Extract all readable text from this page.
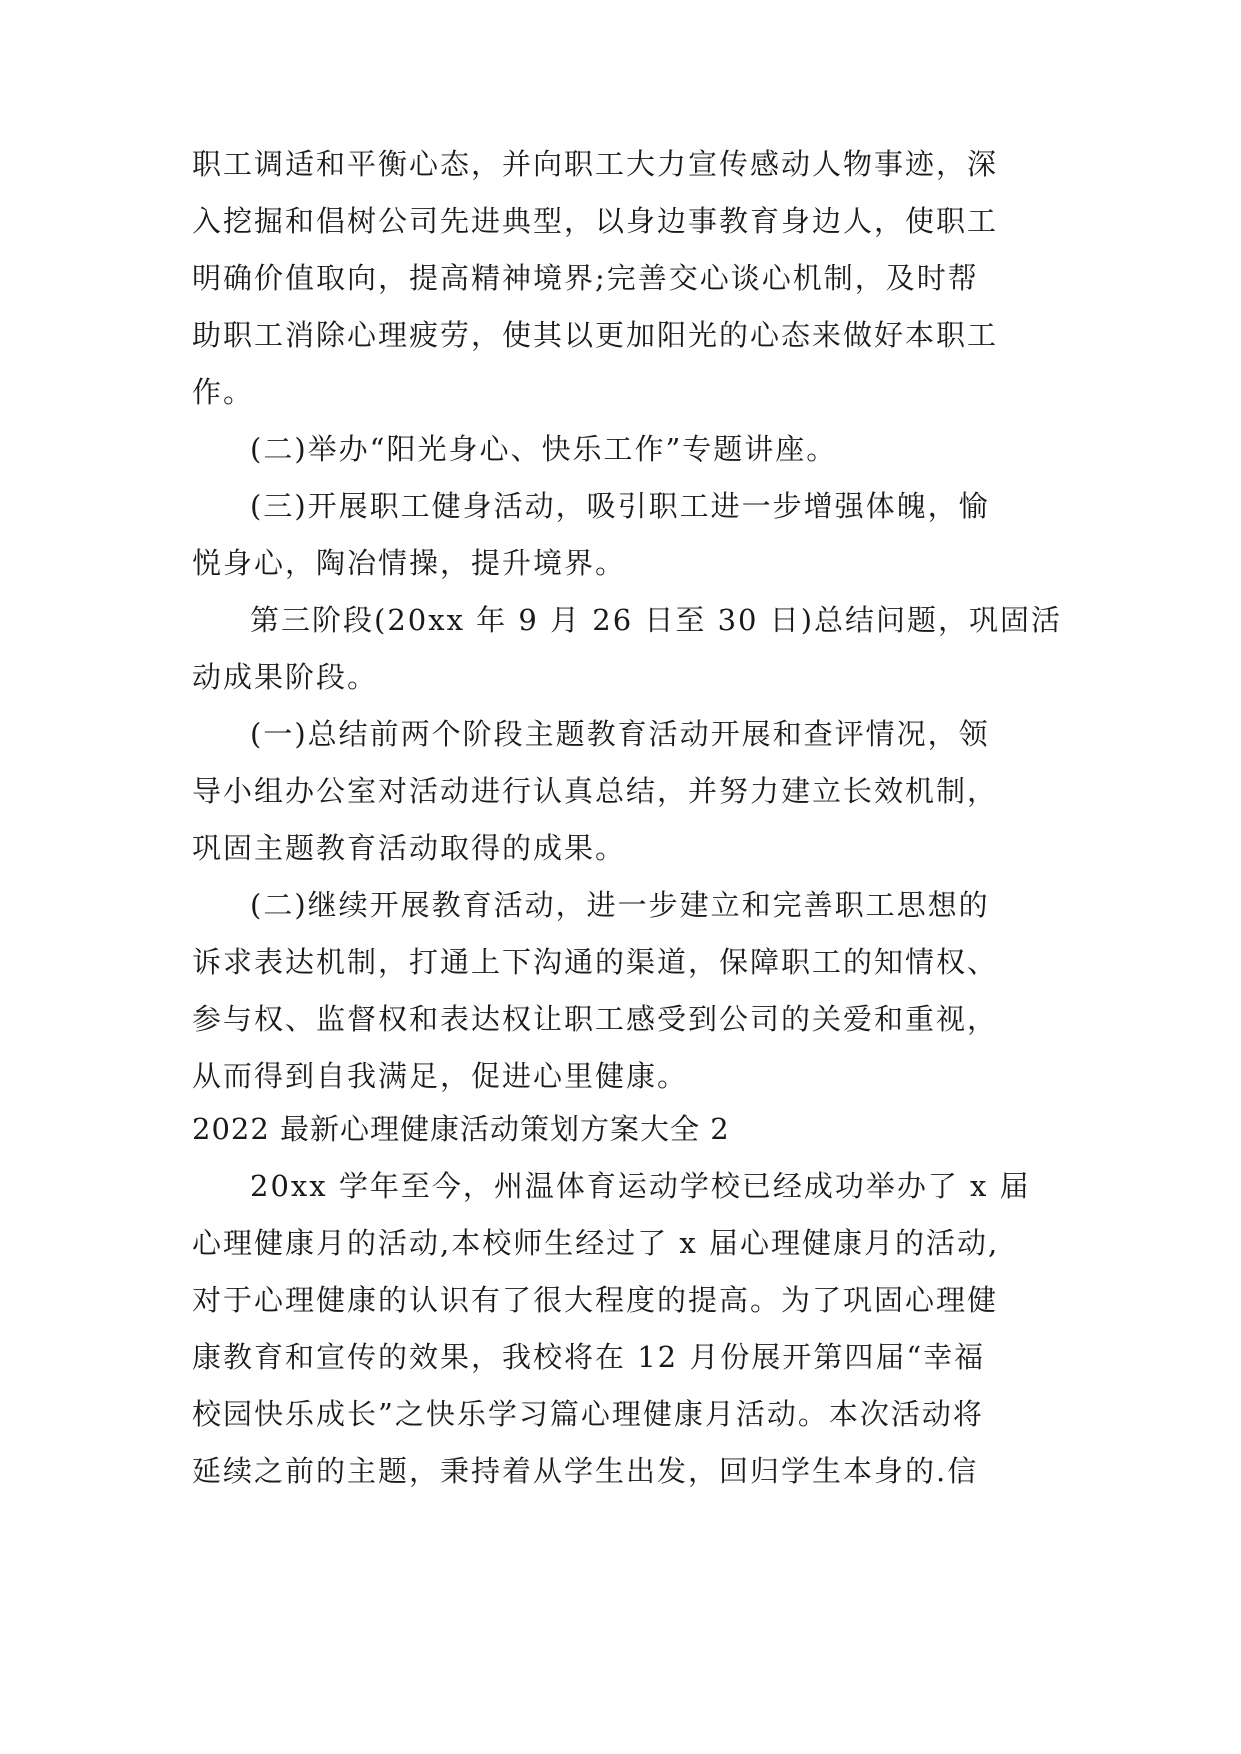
职工调适和平衡心态，并向职工大力宣传感动人物事迹，深
入挖掘和倡树公司先进典型，以身边事教育身边人，使职工
明确价值取向，提高精神境界;完善交心谈心机制，及时帮
助职工消除心理疲劳，使其以更加阳光的心态来做好本职工
作。
(二)举办“阳光身心、快乐工作”专题讲座。
(三)开展职工健身活动，吸引职工进一步增强体魄，愉
悦身心，陶冶情操，提升境界。
第三阶段(20xx 年 9 月 26 日至 30 日)总结问题，巩固活
动成果阶段。
(一)总结前两个阶段主题教育活动开展和查评情况，领
导小组办公室对活动进行认真总结，并努力建立长效机制，
巩固主题教育活动取得的成果。
(二)继续开展教育活动，进一步建立和完善职工思想的
诉求表达机制，打通上下沟通的渠道，保障职工的知情权、
参与权、监督权和表达权让职工感受到公司的关爱和重视，
从而得到自我满足，促进心里健康。
2022 最新心理健康活动策划方案大全 2
20xx 学年至今，州温体育运动学校已经成功举办了 x 届
心理健康月的活动,本校师生经过了 x 届心理健康月的活动,
对于心理健康的认识有了很大程度的提高。为了巩固心理健
康教育和宣传的效果，我校将在 12 月份展开第四届“幸福
校园快乐成长”之快乐学习篇心理健康月活动。本次活动将
延续之前的主题，秉持着从学生出发，回归学生本身的.信
